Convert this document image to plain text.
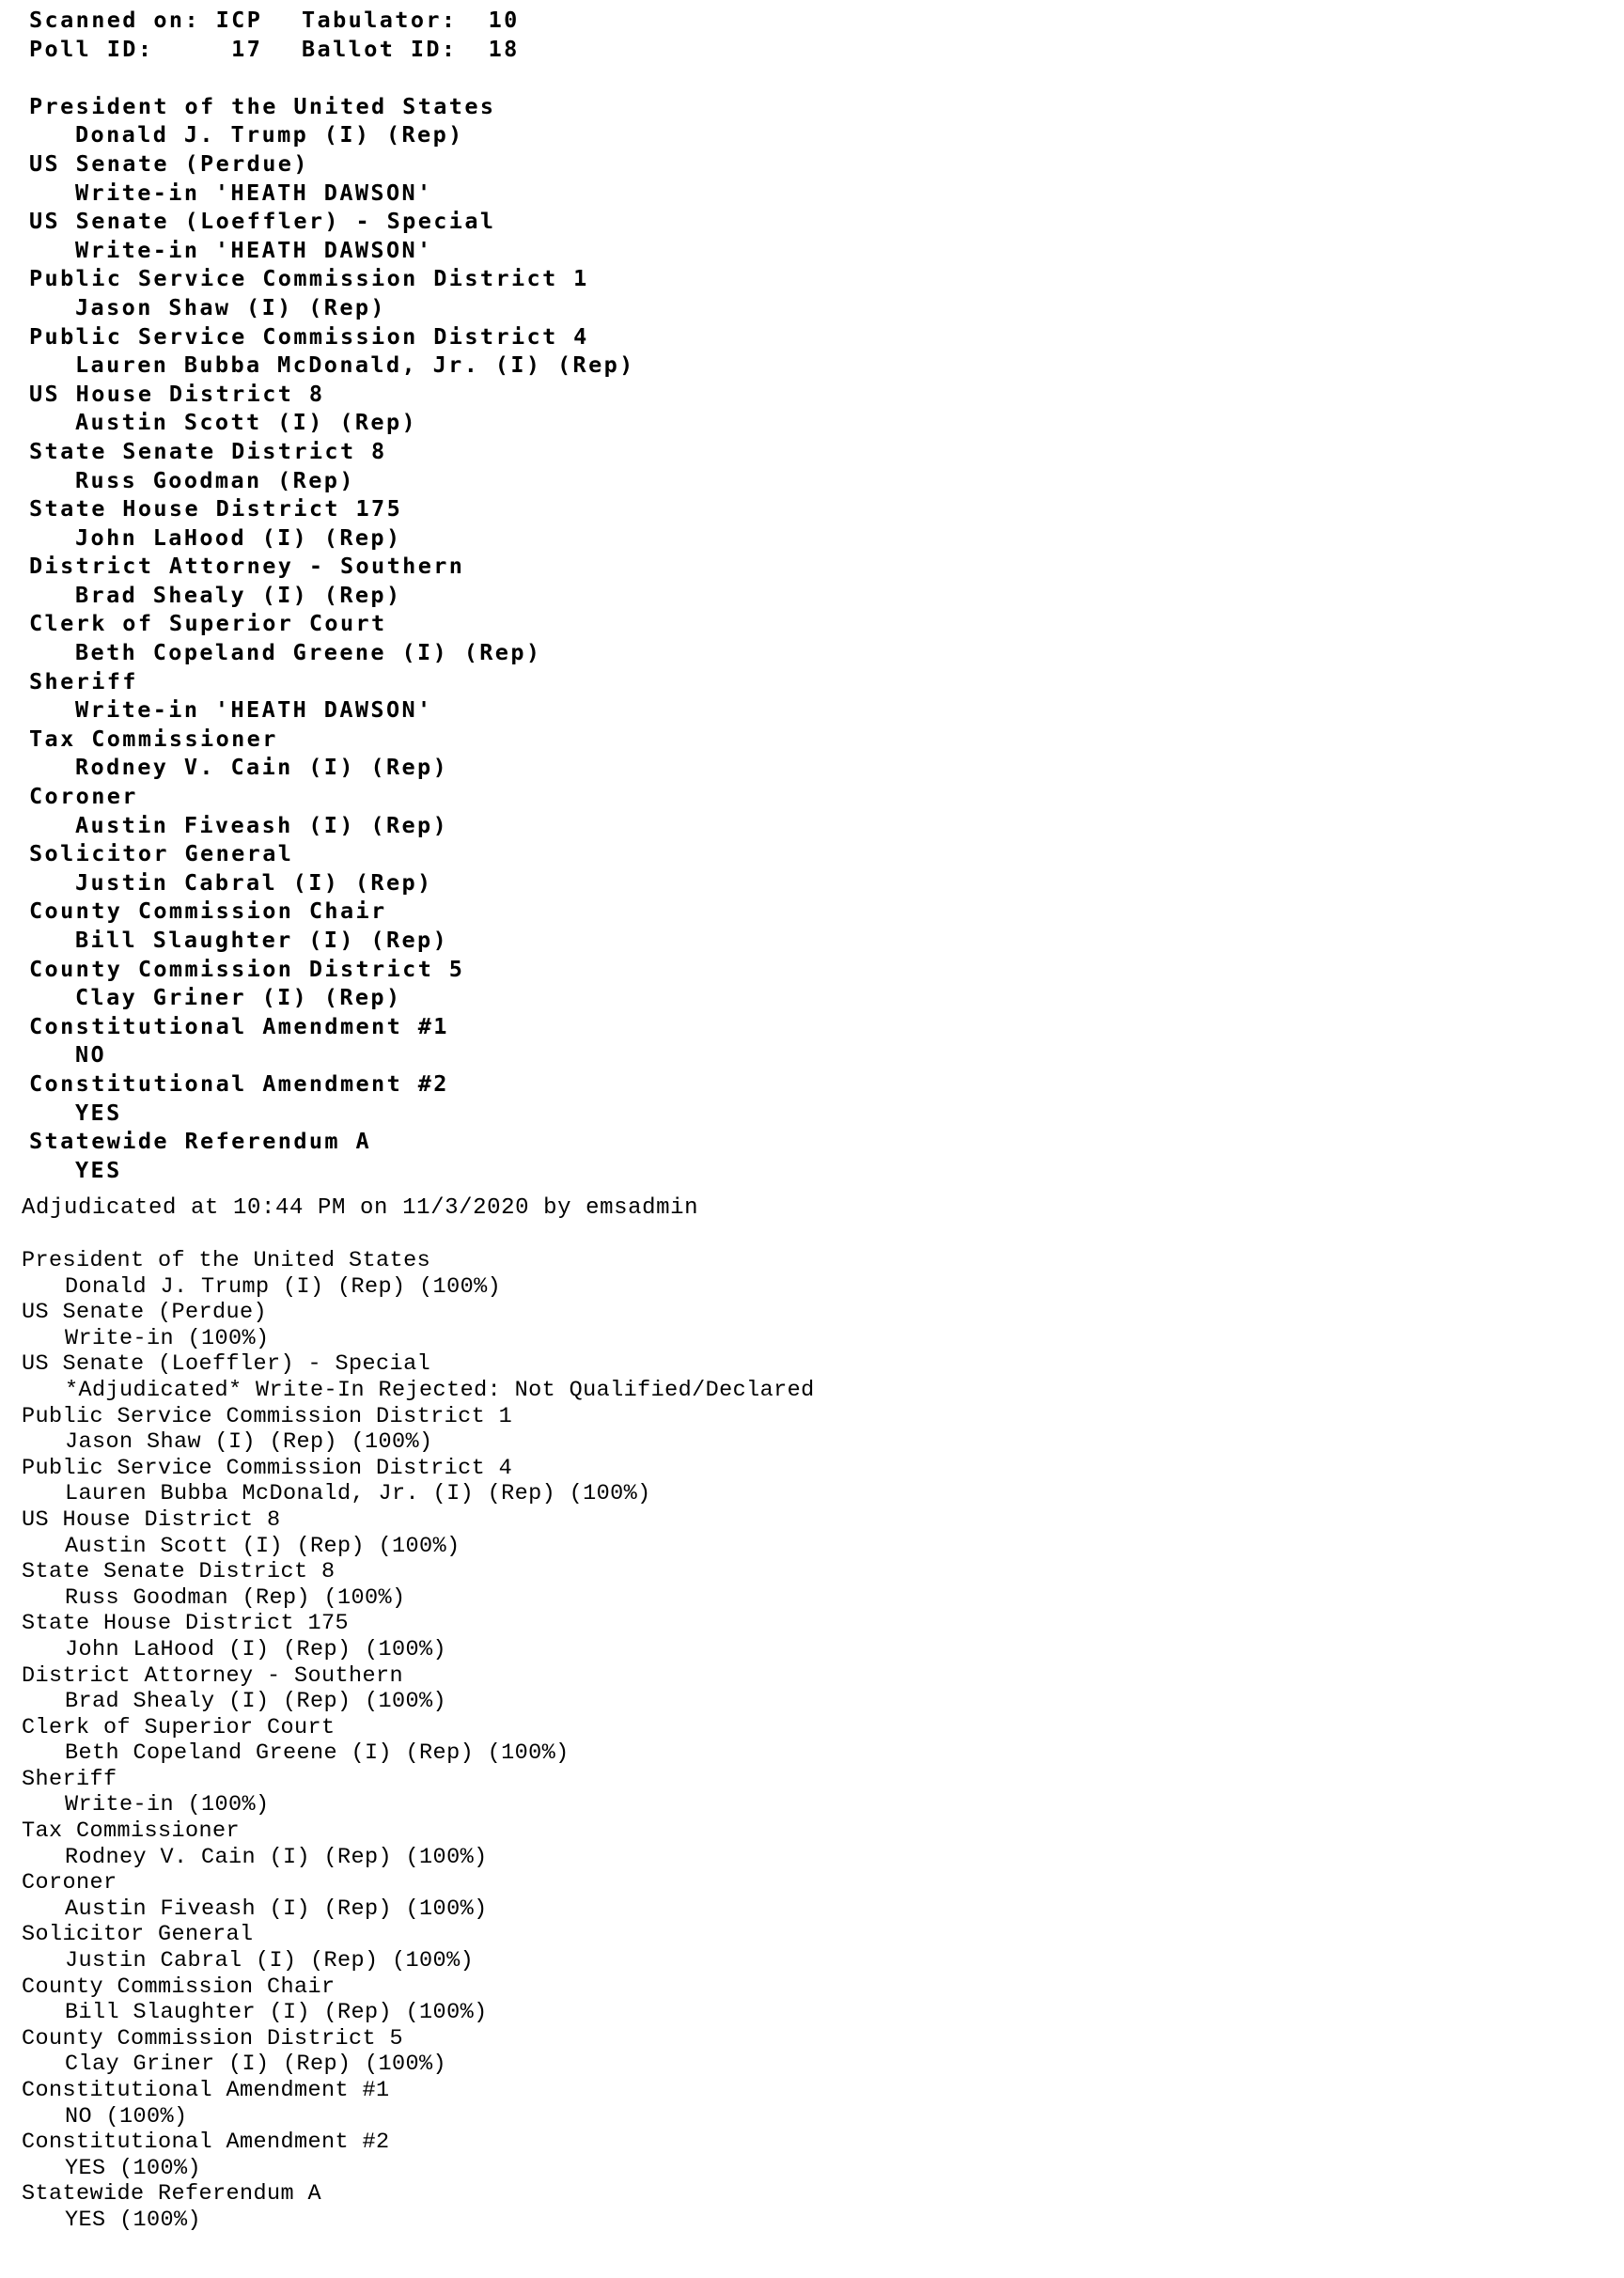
Scanned on: ICP	Tabulator: 10
Poll ID:	17	Ballot ID: 18
President of the United States
Donald J. Trump (I) (Rep)
US Senate (Perdue)
Write-in 'HEATH DAWSON'
US Senate (Loeffler) - Special
Write-in 'HEATH DAWSON'
Public Service Commission District 1
Jason Shaw (I) (Rep)
Public Service Commission District 4
Lauren Bubba McDonald, Jr. (I) (Rep)
US House District 8
Austin Scott (I) (Rep)
State Senate District 8
Russ Goodman (Rep)
State House District 175
John LaHood (I) (Rep)
District Attorney - Southern
Brad Shealy (I) (Rep)
Clerk of Superior Court
Beth Copeland Greene (I) (Rep)
Sheriff
Write-in 'HEATH DAWSON'
Tax Commissioner
Rodney V. Cain (I) (Rep)
Coroner
Austin Fiveash (I) (Rep)
Solicitor General
Justin Cabral (I) (Rep)
County Commission Chair
Bill Slaughter (I) (Rep)
County Commission District 5
Clay Griner (I) (Rep)
Constitutional Amendment #1
NO
Constitutional Amendment #2
YES
Statewide Referendum A
YES
Adjudicated at 10:44 PM on 11/3/2020 by emsadmin
President of the United States
Donald J. Trump (I) (Rep) (100%)
US Senate (Perdue)
Write-in (100%)
US Senate (Loeffler) - Special
*Adjudicated* Write-In Rejected: Not Qualified/Declared
Public Service Commission District 1
Jason Shaw (I) (Rep) (100%)
Public Service Commission District 4
Lauren Bubba McDonald, Jr. (I) (Rep) (100%)
US House District 8
Austin Scott (I) (Rep) (100%)
State Senate District 8
Russ Goodman (Rep) (100%)
State House District 175
John LaHood (I) (Rep) (100%)
District Attorney - Southern
Brad Shealy (I) (Rep) (100%)
Clerk of Superior Court
Beth Copeland Greene (I) (Rep) (100%)
Sheriff
Write-in (100%)
Tax Commissioner
Rodney V. Cain (I) (Rep) (100%)
Coroner
Austin Fiveash (I) (Rep) (100%)
Solicitor General
Justin Cabral (I) (Rep) (100%)
County Commission Chair
Bill Slaughter (I) (Rep) (100%)
County Commission District 5
Clay Griner (I) (Rep) (100%)
Constitutional Amendment #1
NO (100%)
Constitutional Amendment #2
YES (100%)
Statewide Referendum A
YES (100%)
